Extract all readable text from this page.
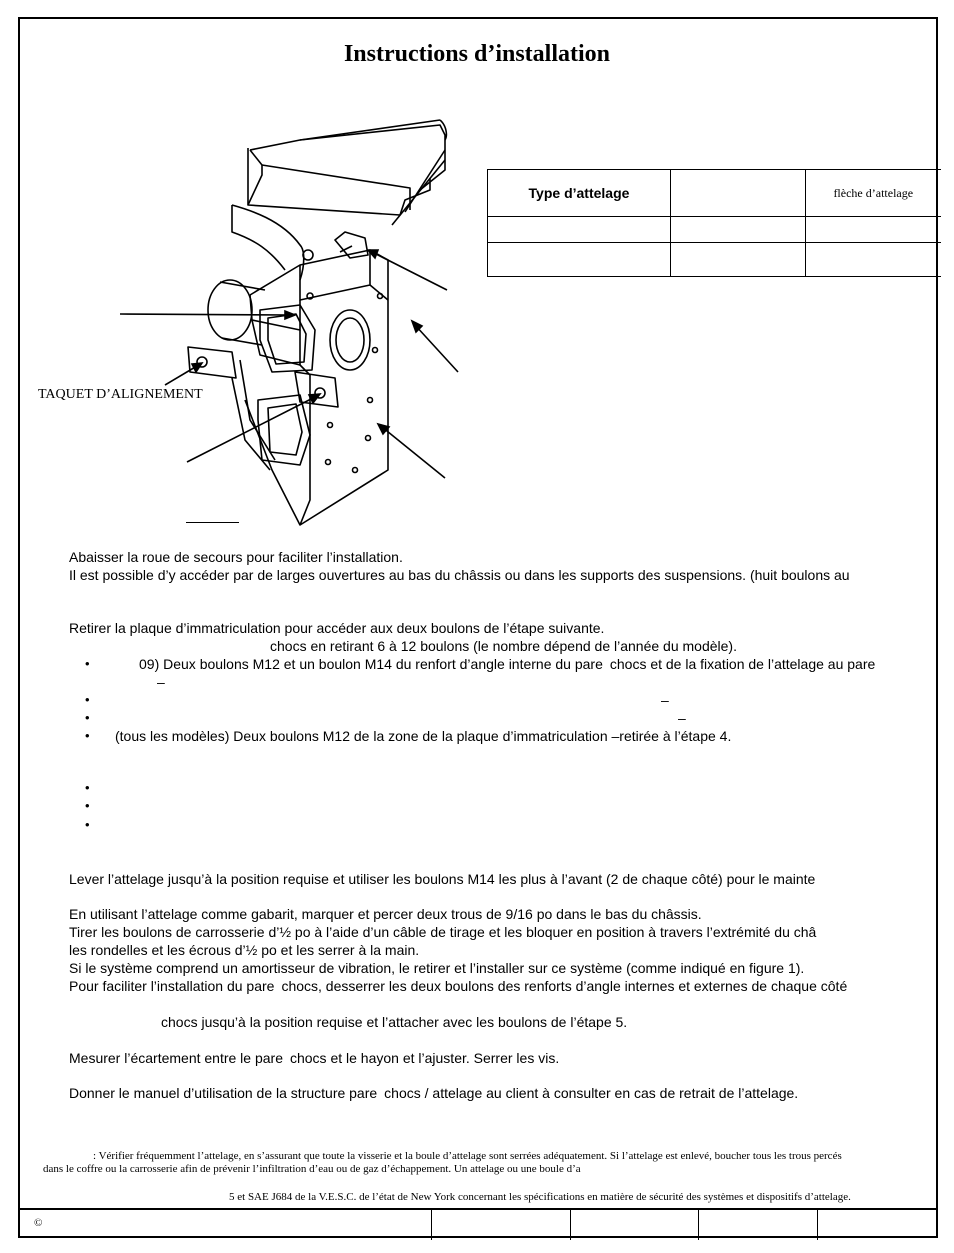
Instructions d’installation
TAQUET D’ALIGNEMENT
Type d’attelage		flèche d’attelage

Abaisser la roue de secours pour faciliter l’installation.
Il est possible d’y accéder par de larges ouvertures au bas du châssis ou dans les supports des suspensions. (huit boulons au
Retirer la plaque d’immatriculation pour accéder aux deux boulons de l’étape suivante.
chocs en retirant 6 à 12 boulons (le nombre dépend de l’année du modèle).
•	09) Deux boulons M12 et un boulon M14 du renfort d’angle interne du pare chocs et de la fixation de l’attelage au pare
–
•	–
•	–
• (tous les modèles) Deux boulons M12 de la zone de la plaque d’immatriculation –retirée à l’étape 4.
•
•
•
Lever l’attelage jusqu’à la position requise et utiliser les boulons M14 les plus à l’avant (2 de chaque côté) pour le mainte
En utilisant l’attelage comme gabarit, marquer et percer deux trous de 9/16 po dans le bas du châssis.
Tirer les boulons de carrosserie d’½ po à l’aide d’un câble de tirage et les bloquer en position à travers l’extrémité du châ
les rondelles et les écrous d’½ po et les serrer à la main.
Si le système comprend un amortisseur de vibration, le retirer et l’installer sur ce système (comme indiqué en figure 1).
Pour faciliter l’installation du pare chocs, desserrer les deux boulons des renforts d’angle internes et externes de chaque côté
chocs jusqu’à la position requise et l’attacher avec les boulons de l’étape 5.
Mesurer l’écartement entre le pare chocs et le hayon et l’ajuster. Serrer les vis.
Donner le manuel d’utilisation de la structure pare chocs / attelage au client à consulter en cas de retrait de l’attelage.
: Vérifier fréquemment l’attelage, en s’assurant que toute la visserie et la boule d’attelage sont serrées adéquatement. Si l’attelage est enlevé, boucher tous les trous percés
dans le coffre ou la carrosserie afin de prévenir l’infiltration d’eau ou de gaz d’échappement. Un attelage ou une boule d’a
5 et SAE J684 de la V.E.S.C. de l’état de New York concernant les spécifications en matière de sécurité des systèmes et dispositifs d’attelage.
©
